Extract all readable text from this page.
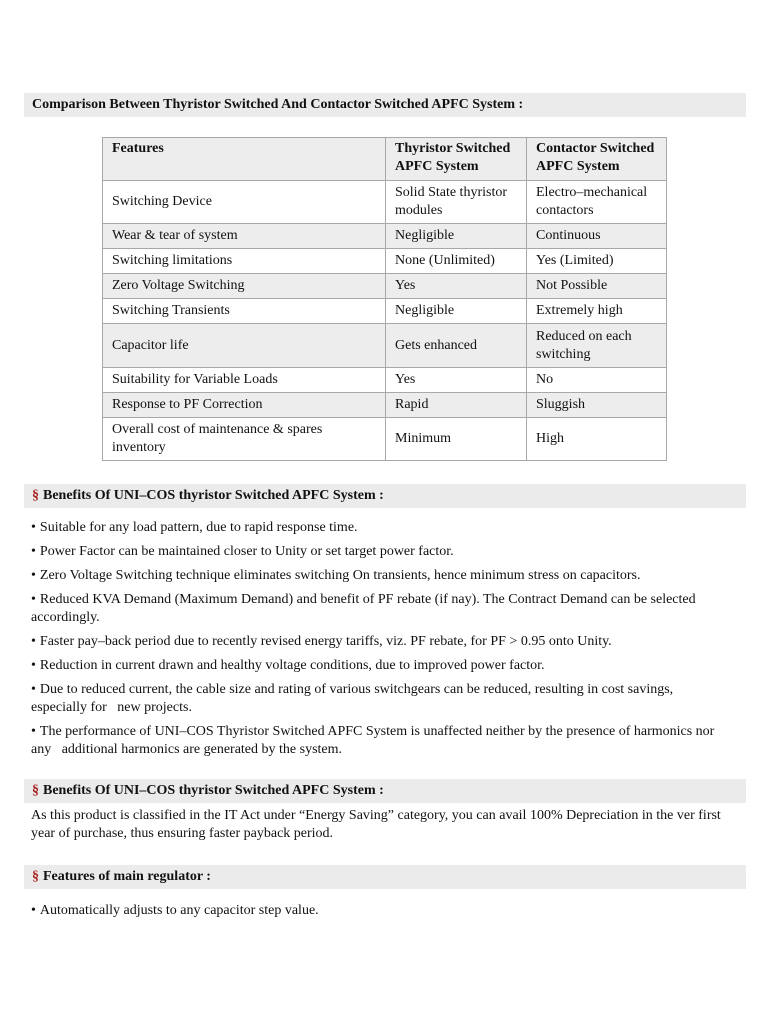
Comparison Between Thyristor Switched And Contactor Switched APFC System :
Features	Thyristor Switched APFC System	Contactor Switched APFC System
Switching Device	Solid State thyristor modules	Electro–mechanical contactors
Wear & tear of system	Negligible	Continuous
Switching limitations	None (Unlimited)	Yes (Limited)
Zero Voltage Switching	Yes	Not Possible
Switching Transients	Negligible	Extremely high
Capacitor life	Gets enhanced	Reduced on each switching
Suitability for Variable Loads	Yes	No
Response to PF Correction	Rapid	Sluggish
Overall cost of maintenance & spares inventory	Minimum	High
§ Benefits Of UNI–COS thyristor Switched APFC System :
• Suitable for any load pattern, due to rapid response time.
• Power Factor can be maintained closer to Unity or set target power factor.
• Zero Voltage Switching technique eliminates switching On transients, hence minimum stress on capacitors.
• Reduced KVA Demand (Maximum Demand) and benefit of PF rebate (if nay). The Contract Demand can be selected   accordingly.
• Faster pay–back period due to recently revised energy tariffs, viz. PF rebate, for PF > 0.95 onto Unity.
• Reduction in current drawn and healthy voltage conditions, due to improved power factor.
• Due to reduced current, the cable size and rating of various switchgears can be reduced, resulting in cost savings, especially for   new projects.
• The performance of UNI–COS Thyristor Switched APFC System is unaffected neither by the presence of harmonics nor any   additional harmonics are generated by the system.
§ Benefits Of UNI–COS thyristor Switched APFC System :
As this product is classified in the IT Act under “Energy Saving” category, you can avail 100% Depreciation in the ver first year of purchase, thus ensuring faster payback period.
§ Features of main regulator :
• Automatically adjusts to any capacitor step value.
